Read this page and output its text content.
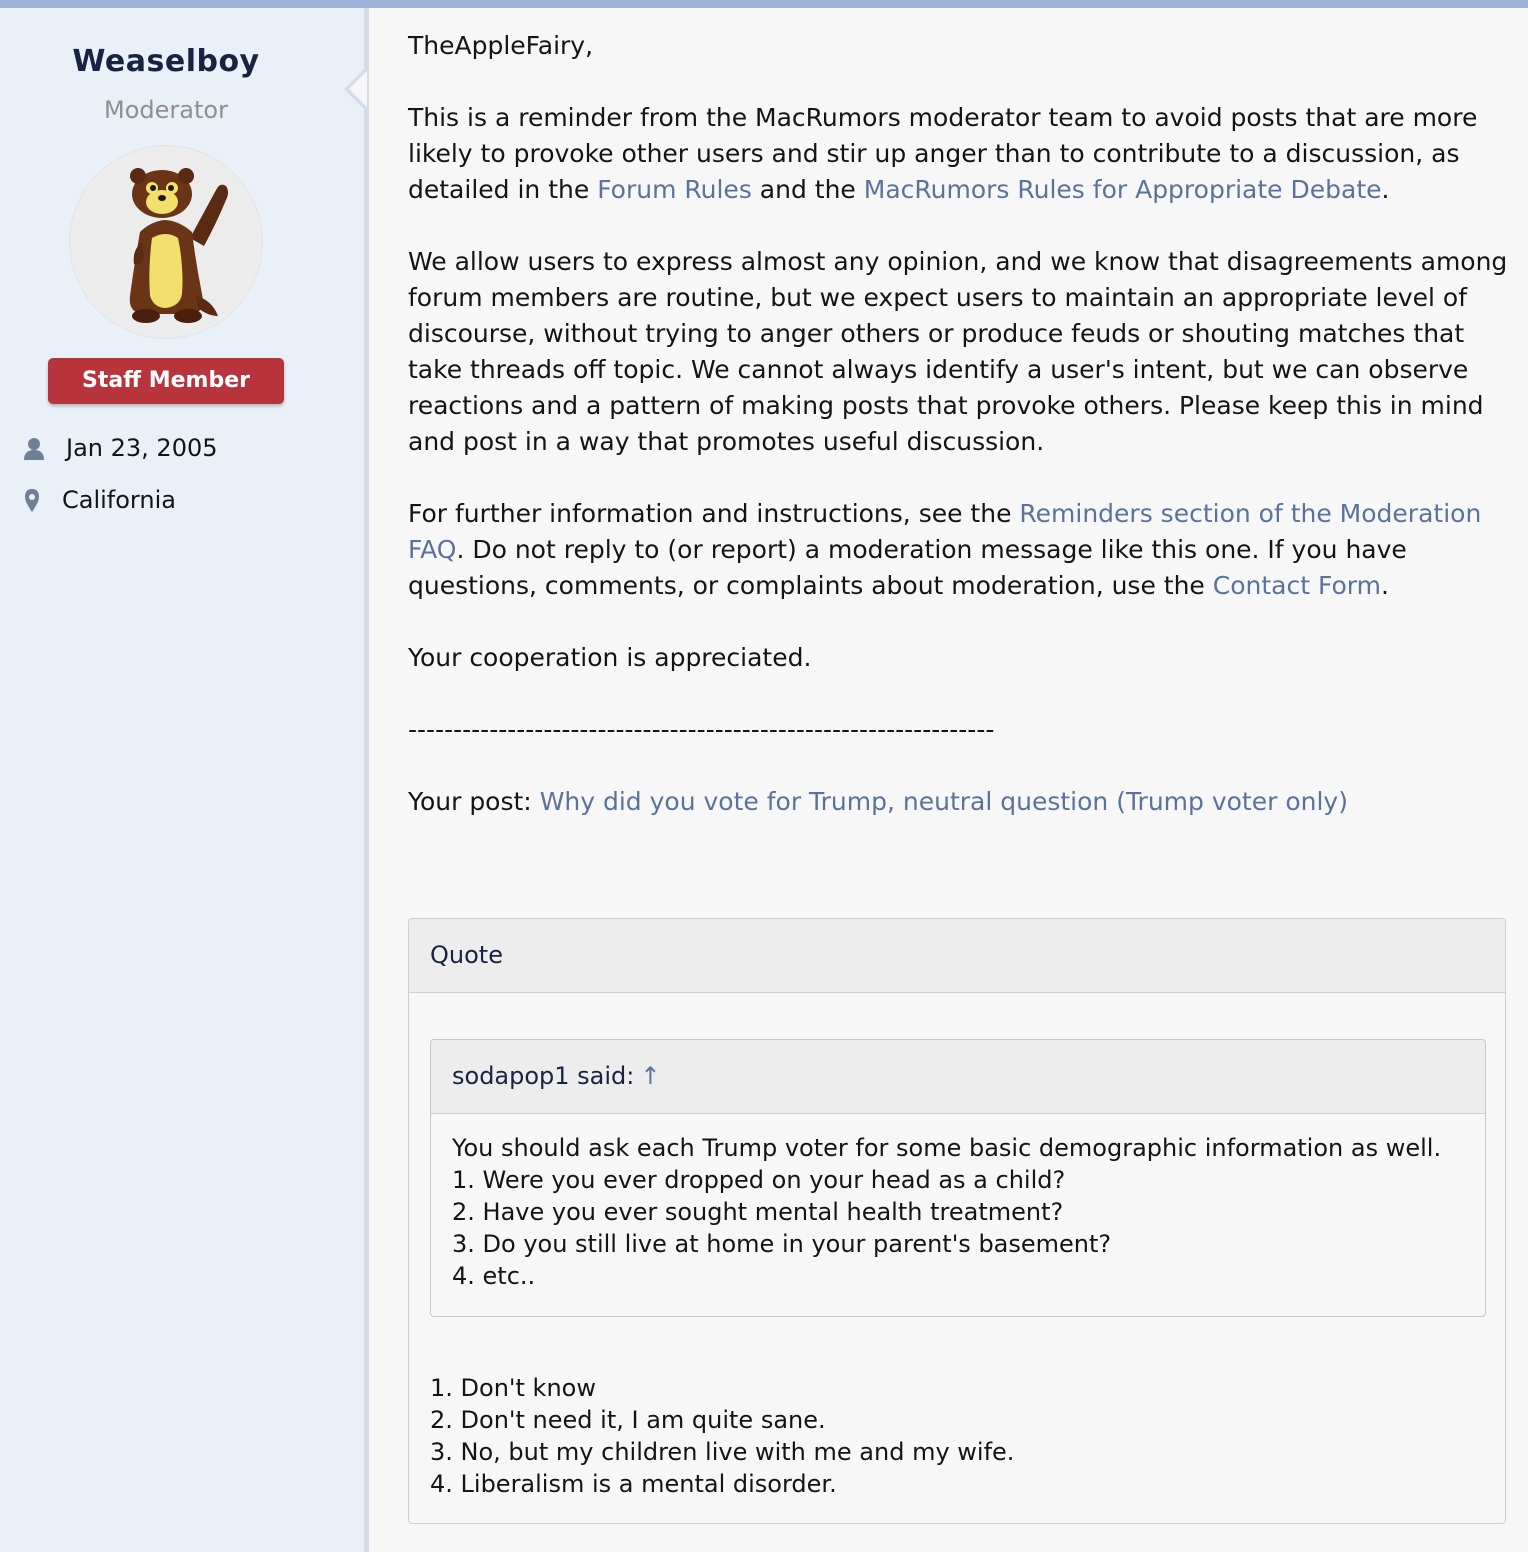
Weaselboy
Moderator
Staff Member
Jan 23, 2005
California

TheAppleFairy,

This is a reminder from the MacRumors moderator team to avoid posts that are more likely to provoke other users and stir up anger than to contribute to a discussion, as detailed in the Forum Rules and the MacRumors Rules for Appropriate Debate.

We allow users to express almost any opinion, and we know that disagreements among forum members are routine, but we expect users to maintain an appropriate level of discourse, without trying to anger others or produce feuds or shouting matches that take threads off topic. We cannot always identify a user's intent, but we can observe reactions and a pattern of making posts that provoke others. Please keep this in mind and post in a way that promotes useful discussion.

For further information and instructions, see the Reminders section of the Moderation FAQ. Do not reply to (or report) a moderation message like this one. If you have questions, comments, or complaints about moderation, use the Contact Form.

Your cooperation is appreciated.

-----------------------------------------------------------------

Your post: Why did you vote for Trump, neutral question (Trump voter only)

Quote
sodapop1 said: ↑
You should ask each Trump voter for some basic demographic information as well.
1. Were you ever dropped on your head as a child?
2. Have you ever sought mental health treatment?
3. Do you still live at home in your parent's basement?
4. etc..
1. Don't know
2. Don't need it, I am quite sane.
3. No, but my children live with me and my wife.
4. Liberalism is a mental disorder.
